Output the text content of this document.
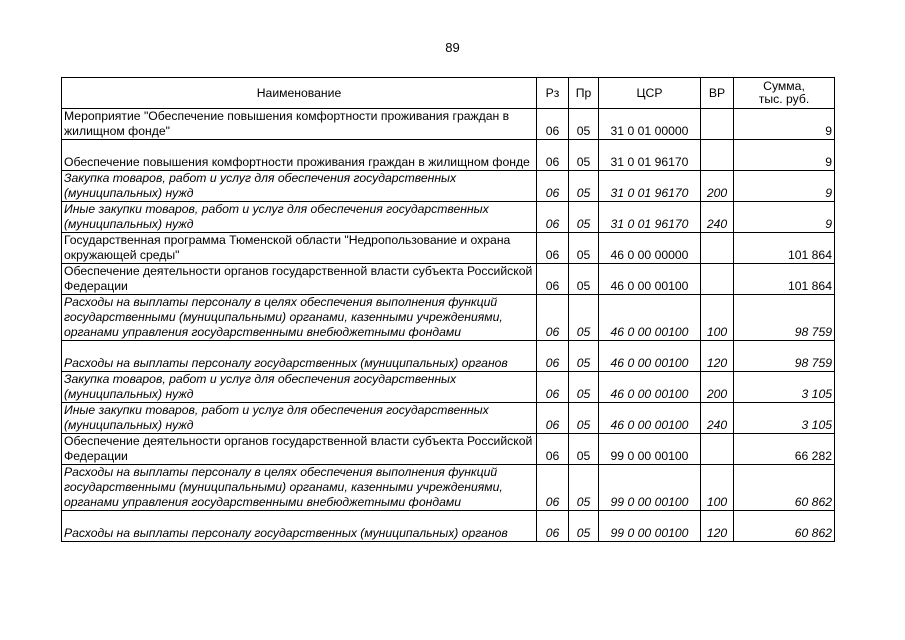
89
Наименование	Рз	Пр	ЦСР	ВР	Сумма,
тыс. руб.
Мероприятие "Обеспечение повышения комфортности проживания граждан в жилищном фонде"	06	05	31 0 01 00000		9
Обеспечение повышения комфортности проживания граждан в жилищном фонде	06	05	31 0 01 96170		9
Закупка товаров, работ и услуг для обеспечения государственных (муниципальных) нужд	06	05	31 0 01 96170	200	9
Иные закупки товаров, работ и услуг для обеспечения государственных (муниципальных) нужд	06	05	31 0 01 96170	240	9
Государственная программа Тюменской области "Недропользование и охрана окружающей среды"	06	05	46 0 00 00000		101 864
Обеспечение деятельности органов государственной власти субъекта Российской Федерации	06	05	46 0 00 00100		101 864
Расходы на выплаты персоналу в целях обеспечения выполнения функций государственными (муниципальными) органами, казенными учреждениями, органами управления государственными внебюджетными фондами	06	05	46 0 00 00100	100	98 759
Расходы на выплаты персоналу государственных (муниципальных) органов	06	05	46 0 00 00100	120	98 759
Закупка товаров, работ и услуг для обеспечения государственных (муниципальных) нужд	06	05	46 0 00 00100	200	3 105
Иные закупки товаров, работ и услуг для обеспечения государственных (муниципальных) нужд	06	05	46 0 00 00100	240	3 105
Обеспечение деятельности органов государственной власти субъекта Российской Федерации	06	05	99 0 00 00100		66 282
Расходы на выплаты персоналу в целях обеспечения выполнения функций государственными (муниципальными) органами, казенными учреждениями, органами управления государственными внебюджетными фондами	06	05	99 0 00 00100	100	60 862
Расходы на выплаты персоналу государственных (муниципальных) органов	06	05	99 0 00 00100	120	60 862
